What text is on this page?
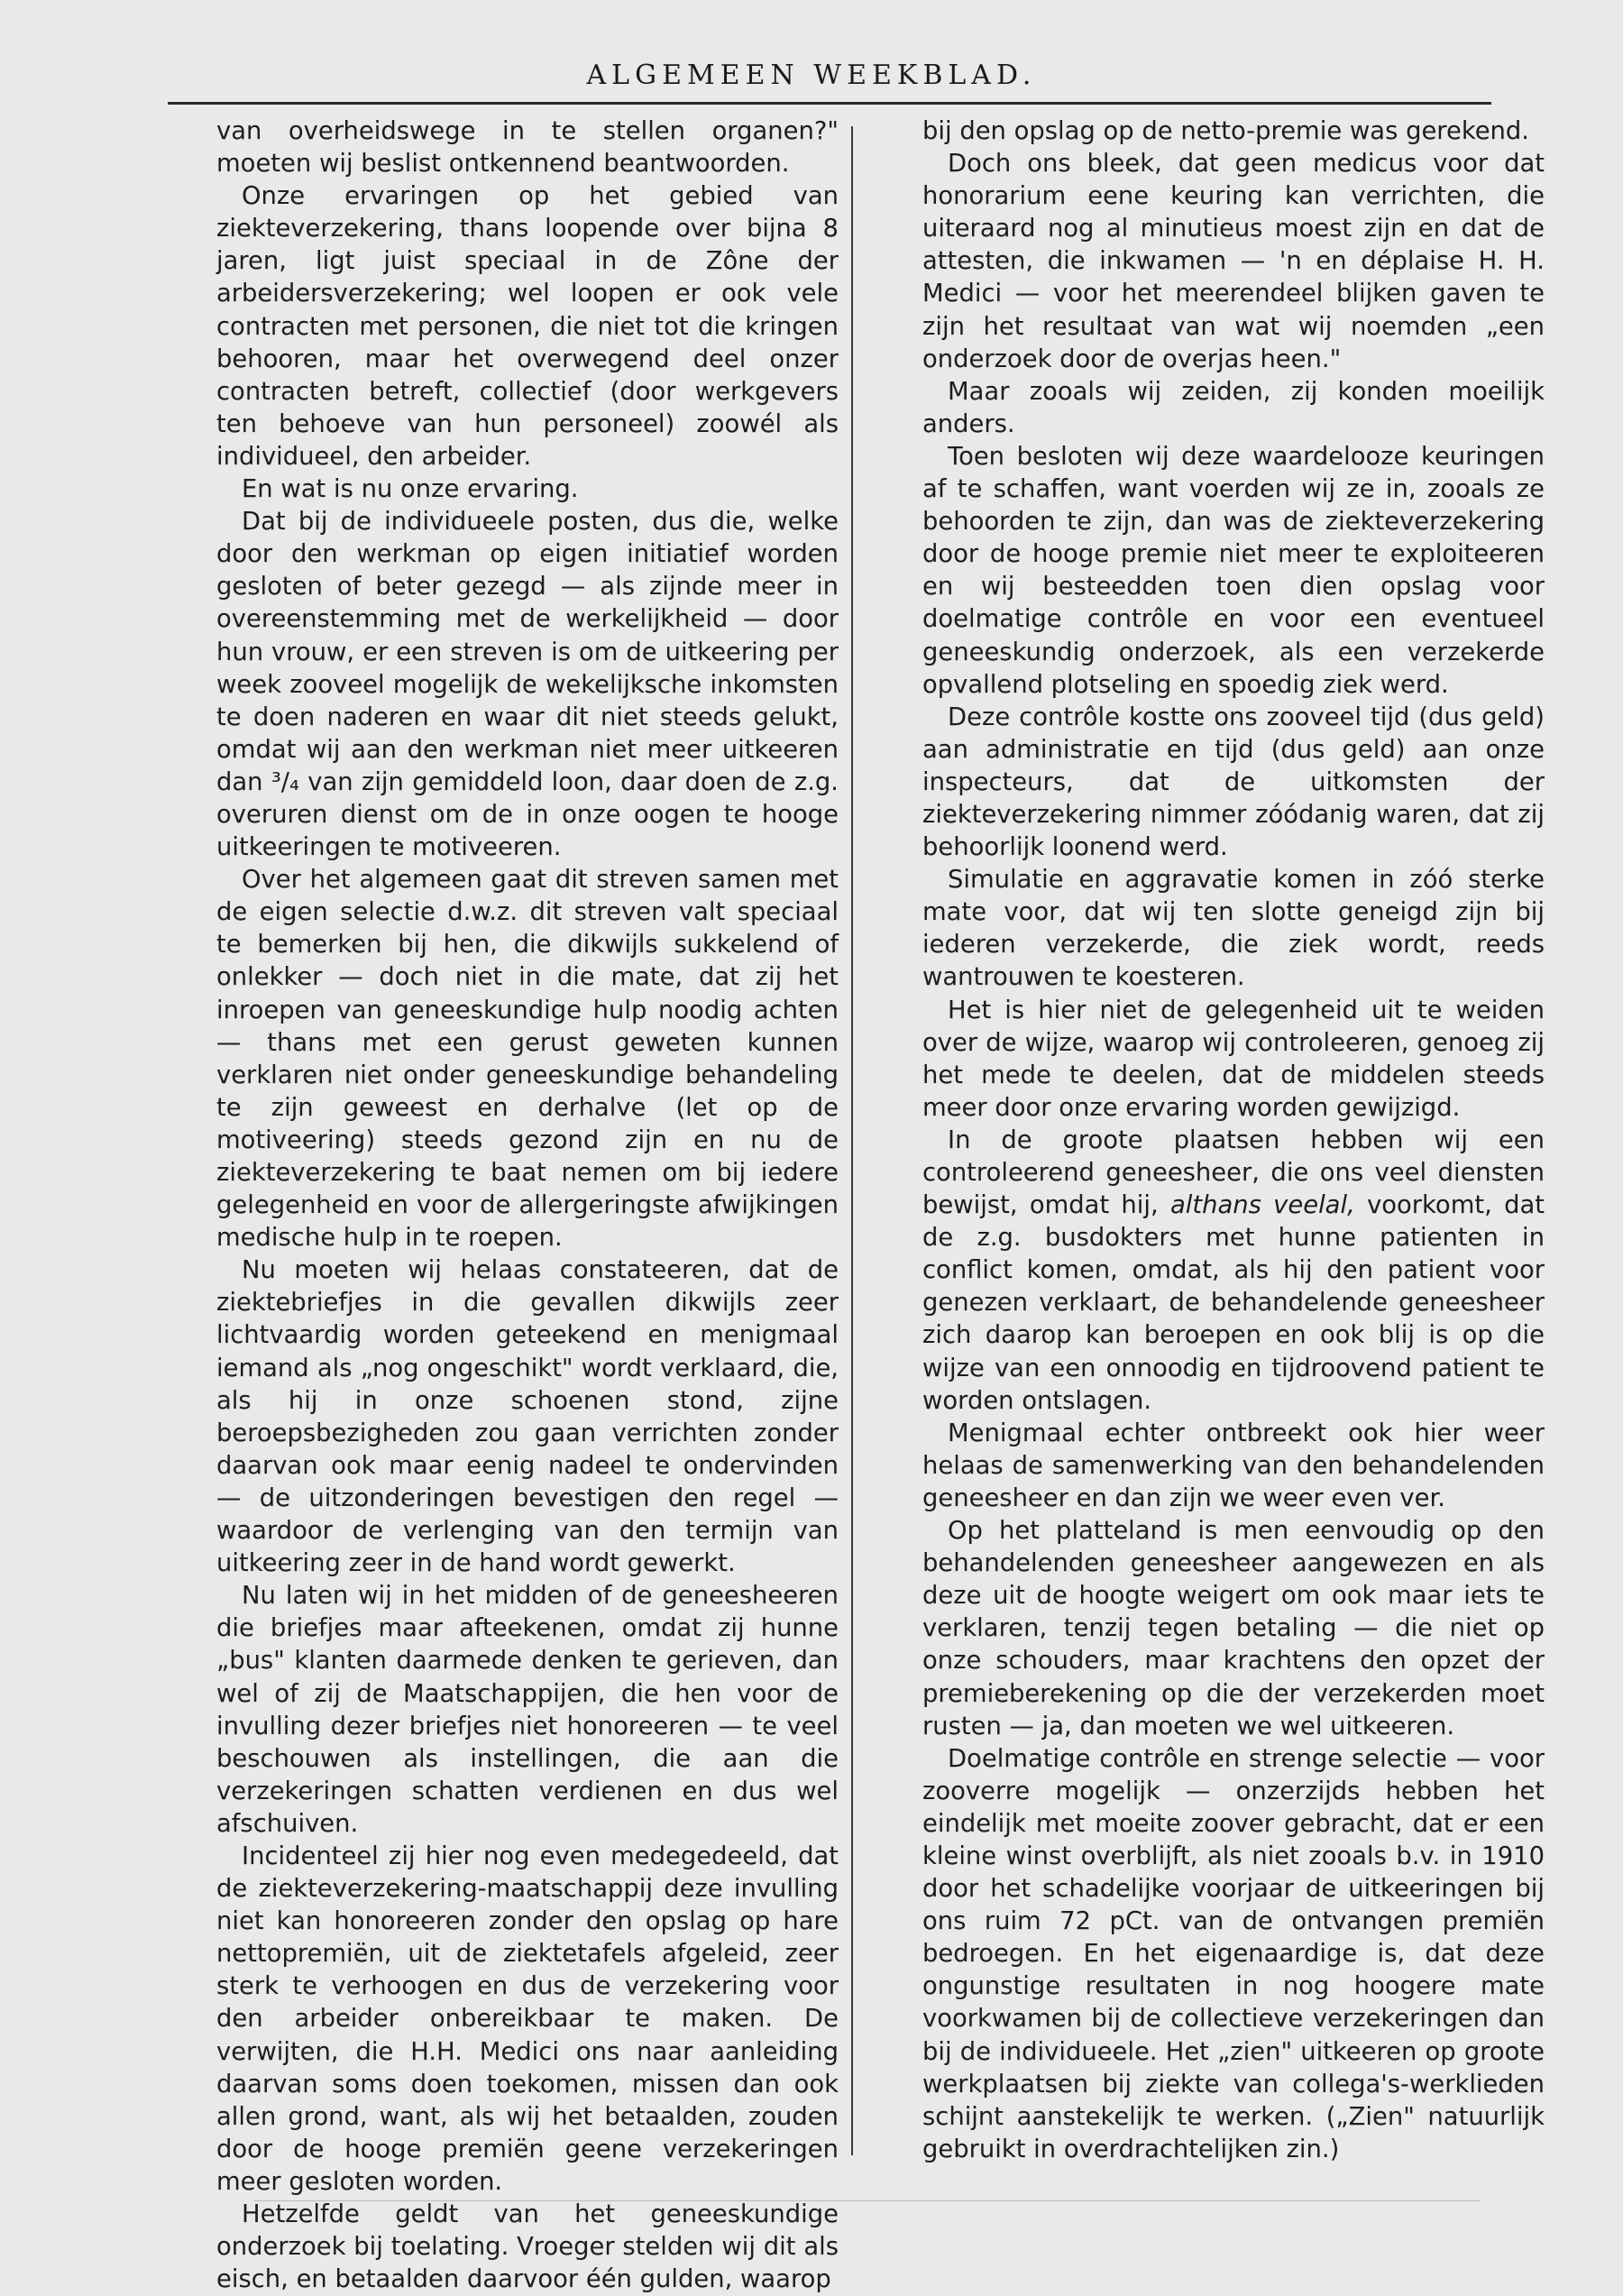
ALGEMEEN WEEKBLAD.

van overheidswege in te stellen organen?" moeten wij beslist ontkennend beantwoorden.

Onze ervaringen op het gebied van ziekteverzekering, thans loopende over bijna 8 jaren, ligt juist speciaal in de Zône der arbeidersverzekering; wel loopen er ook vele contracten met personen, die niet tot die kringen behooren, maar het overwegend deel onzer contracten betreft, collectief (door werkgevers ten behoeve van hun personeel) zoowél als individueel, den arbeider.

En wat is nu onze ervaring.

Dat bij de individueele posten, dus die, welke door den werkman op eigen initiatief worden gesloten of beter gezegd — als zijnde meer in overeenstemming met de werkelijkheid — door hun vrouw, er een streven is om de uitkeering per week zooveel mogelijk de wekelijksche inkomsten te doen naderen en waar dit niet steeds gelukt, omdat wij aan den werkman niet meer uitkeeren dan ³/₄ van zijn gemiddeld loon, daar doen de z.g. overuren dienst om de in onze oogen te hooge uitkeeringen te motiveeren.

Over het algemeen gaat dit streven samen met de eigen selectie d.w.z. dit streven valt speciaal te bemerken bij hen, die dikwijls sukkelend of onlekker — doch niet in die mate, dat zij het inroepen van geneeskundige hulp noodig achten — thans met een gerust geweten kunnen verklaren niet onder geneeskundige behandeling te zijn geweest en derhalve (let op de motiveering) steeds gezond zijn en nu de ziekteverzekering te baat nemen om bij iedere gelegenheid en voor de allergeringste afwijkingen medische hulp in te roepen.

Nu moeten wij helaas constateeren, dat de ziektebriefjes in die gevallen dikwijls zeer lichtvaardig worden geteekend en menigmaal iemand als „nog ongeschikt" wordt verklaard, die, als hij in onze schoenen stond, zijne beroepsbezigheden zou gaan verrichten zonder daarvan ook maar eenig nadeel te ondervinden — de uitzonderingen bevestigen den regel — waardoor de verlenging van den termijn van uitkeering zeer in de hand wordt gewerkt.

Nu laten wij in het midden of de geneesheeren die briefjes maar afteekenen, omdat zij hunne „bus" klanten daarmede denken te gerieven, dan wel of zij de Maatschappijen, die hen voor de invulling dezer briefjes niet honoreeren — te veel beschouwen als instellingen, die aan die verzekeringen schatten verdienen en dus wel afschuiven.

Incidenteel zij hier nog even medegedeeld, dat de ziekteverzekering-maatschappij deze invulling niet kan honoreeren zonder den opslag op hare nettopremiën, uit de ziektetafels afgeleid, zeer sterk te verhoogen en dus de verzekering voor den arbeider onbereikbaar te maken. De verwijten, die H.H. Medici ons naar aanleiding daarvan soms doen toekomen, missen dan ook allen grond, want, als wij het betaalden, zouden door de hooge premiën geene verzekeringen meer gesloten worden.

Hetzelfde geldt van het geneeskundige onderzoek bij toelating. Vroeger stelden wij dit als eisch, en betaalden daarvoor één gulden, waarop

bij den opslag op de netto-premie was gerekend.

Doch ons bleek, dat geen medicus voor dat honorarium eene keuring kan verrichten, die uiteraard nog al minutieus moest zijn en dat de attesten, die inkwamen — 'n en déplaise H. H. Medici — voor het meerendeel blijken gaven te zijn het resultaat van wat wij noemden „een onderzoek door de overjas heen."

Maar zooals wij zeiden, zij konden moeilijk anders.

Toen besloten wij deze waardelooze keuringen af te schaffen, want voerden wij ze in, zooals ze behoorden te zijn, dan was de ziekteverzekering door de hooge premie niet meer te exploiteeren en wij besteedden toen dien opslag voor doelmatige contrôle en voor een eventueel geneeskundig onderzoek, als een verzekerde opvallend plotseling en spoedig ziek werd.

Deze contrôle kostte ons zooveel tijd (dus geld) aan administratie en tijd (dus geld) aan onze inspecteurs, dat de uitkomsten der ziekteverzekering nimmer zóódanig waren, dat zij behoorlijk loonend werd.

Simulatie en aggravatie komen in zóó sterke mate voor, dat wij ten slotte geneigd zijn bij iederen verzekerde, die ziek wordt, reeds wantrouwen te koesteren.

Het is hier niet de gelegenheid uit te weiden over de wijze, waarop wij controleeren, genoeg zij het mede te deelen, dat de middelen steeds meer door onze ervaring worden gewijzigd.

In de groote plaatsen hebben wij een controleerend geneesheer, die ons veel diensten bewijst, omdat hij, althans veelal, voorkomt, dat de z.g. busdokters met hunne patienten in conflict komen, omdat, als hij den patient voor genezen verklaart, de behandelende geneesheer zich daarop kan beroepen en ook blij is op die wijze van een onnoodig en tijdroovend patient te worden ontslagen.

Menigmaal echter ontbreekt ook hier weer helaas de samenwerking van den behandelenden geneesheer en dan zijn we weer even ver.

Op het platteland is men eenvoudig op den behandelenden geneesheer aangewezen en als deze uit de hoogte weigert om ook maar iets te verklaren, tenzij tegen betaling — die niet op onze schouders, maar krachtens den opzet der premieberekening op die der verzekerden moet rusten — ja, dan moeten we wel uitkeeren.

Doelmatige contrôle en strenge selectie — voor zooverre mogelijk — onzerzijds hebben het eindelijk met moeite zoover gebracht, dat er een kleine winst overblijft, als niet zooals b.v. in 1910 door het schadelijke voorjaar de uitkeeringen bij ons ruim 72 pCt. van de ontvangen premiën bedroegen. En het eigenaardige is, dat deze ongunstige resultaten in nog hoogere mate voorkwamen bij de collectieve verzekeringen dan bij de individueele. Het „zien" uitkeeren op groote werkplaatsen bij ziekte van collega's-werklieden schijnt aanstekelijk te werken. („Zien" natuurlijk gebruikt in overdrachtelijken zin.)
